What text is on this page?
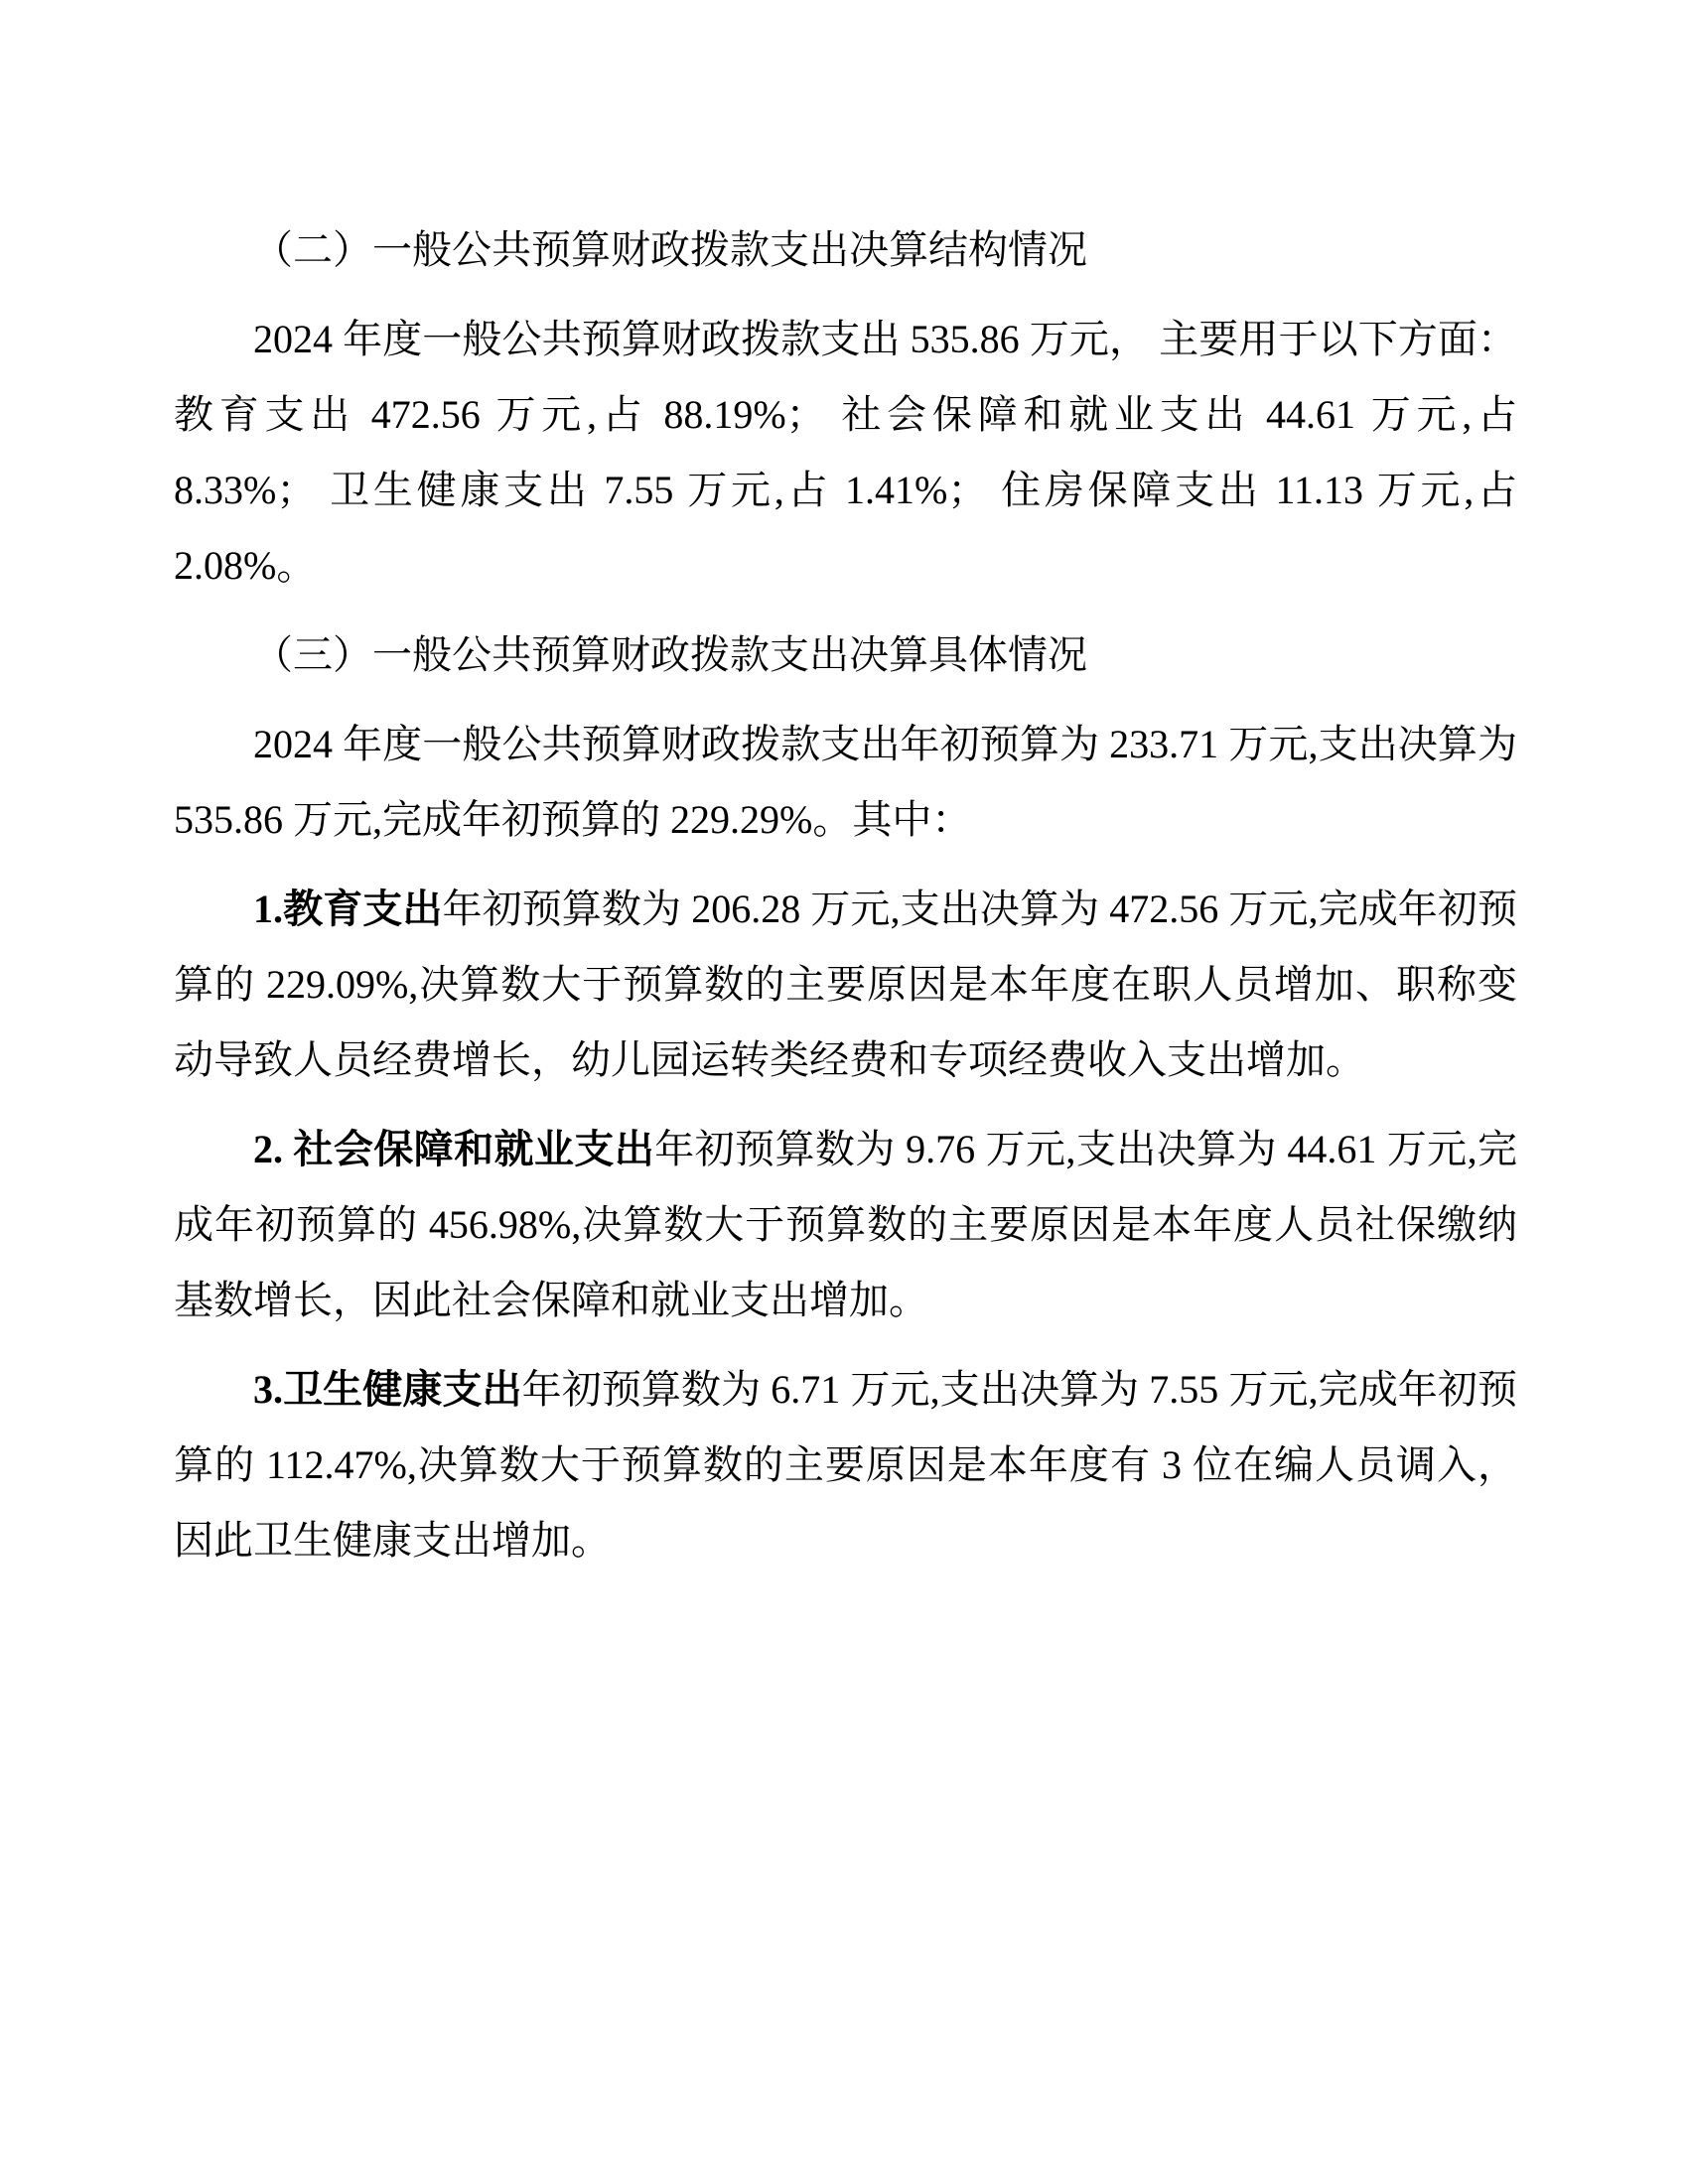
（二）一般公共预算财政拨款支出决算结构情况

2024 年度一般公共预算财政拨款支出 535.86 万元， 主要用于以下方面：教育支出 472.56 万元,占 88.19%； 社会保障和就业支出 44.61 万元,占 8.33%； 卫生健康支出 7.55 万元,占 1.41%； 住房保障支出 11.13 万元,占 2.08%。

（三）一般公共预算财政拨款支出决算具体情况

2024 年度一般公共预算财政拨款支出年初预算为 233.71 万元,支出决算为 535.86 万元,完成年初预算的 229.29%。其中：

1.教育支出年初预算数为 206.28 万元,支出决算为 472.56 万元,完成年初预算的 229.09%,决算数大于预算数的主要原因是本年度在职人员增加、职称变动导致人员经费增长，幼儿园运转类经费和专项经费收入支出增加。

2. 社会保障和就业支出年初预算数为 9.76 万元,支出决算为 44.61 万元,完成年初预算的 456.98%,决算数大于预算数的主要原因是本年度人员社保缴纳基数增长，因此社会保障和就业支出增加。

3.卫生健康支出年初预算数为 6.71 万元,支出决算为 7.55 万元,完成年初预算的 112.47%,决算数大于预算数的主要原因是本年度有 3 位在编人员调入，因此卫生健康支出增加。
